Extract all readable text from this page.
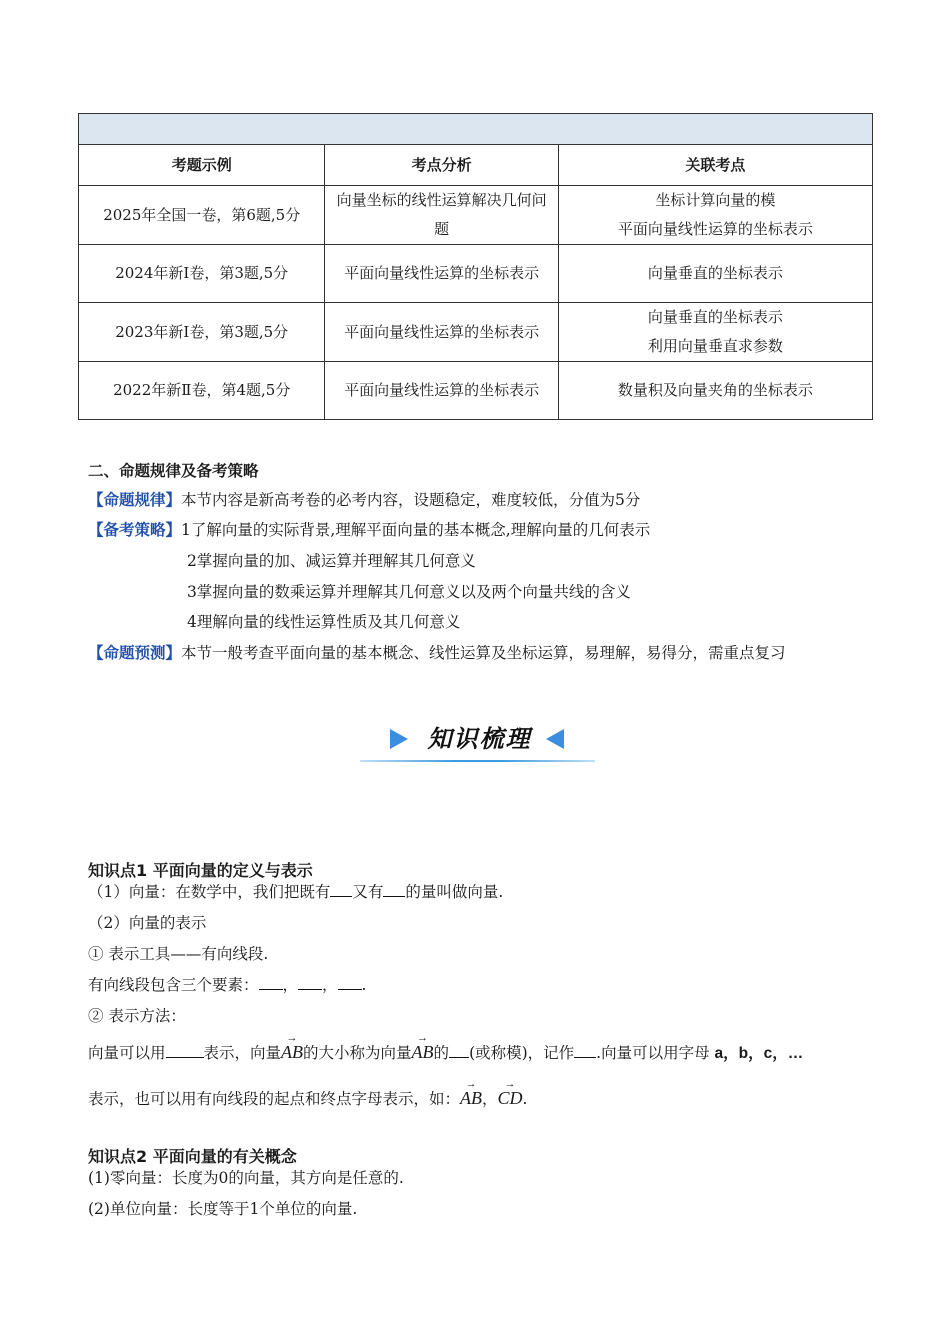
考题示例	考点分析	关联考点
2025年全国一卷，第6题,5分	向量坐标的线性运算解决几何问题	坐标计算向量的模
平面向量线性运算的坐标表示

2024年新I卷，第3题,5分	平面向量线性运算的坐标表示	向量垂直的坐标表示

2023年新I卷，第3题,5分	平面向量线性运算的坐标表示	向量垂直的坐标表示
利用向量垂直求参数

2022年新Ⅱ卷，第4题,5分	平面向量线性运算的坐标表示	数量积及向量夹角的坐标表示
二、命题规律及备考策略
【命题规律】本节内容是新高考卷的必考内容，设题稳定，难度较低，分值为5分
【备考策略】1了解向量的实际背景,理解平面向量的基本概念,理解向量的几何表示
2掌握向量的加、减运算并理解其几何意义
3掌握向量的数乘运算并理解其几何意义以及两个向量共线的含义
4理解向量的线性运算性质及其几何意义
【命题预测】本节一般考查平面向量的基本概念、线性运算及坐标运算，易理解，易得分，需重点复习
知识梳理
知识点1 平面向量的定义与表示
（1）向量：在数学中，我们把既有 又有 的量叫做向量.
（2）向量的表示
① 表示工具——有向线段.
有向线段包含三个要素： ， ， .
② 表示方法：
向量可以用 表示，向量
→
AB的大小称为向量
→
AB的 (或称模)，记作 .向量可以用字母 a，b，c，…
表示，也可以用有向线段的起点和终点字母表示，如：
→
AB，
→
CD.
知识点2 平面向量的有关概念
(1)零向量：长度为0的向量，其方向是任意的.
(2)单位向量：长度等于1个单位的向量.
